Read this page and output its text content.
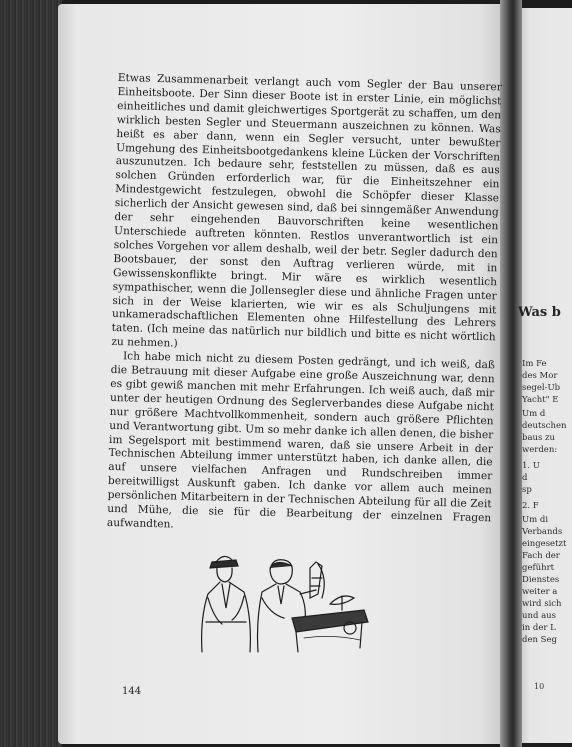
Etwas Zusammenarbeit verlangt auch vom Segler der Bau unserer Einheitsboote. Der Sinn dieser Boote ist in erster Linie, ein möglichst einheitliches und damit gleichwertiges Sportgerät zu schaffen, um den wirklich besten Segler und Steuermann auszeichnen zu können. Was heißt es aber dann, wenn ein Segler versucht, unter bewußter Umgehung des Einheitsbootgedankens kleine Lücken der Vorschriften auszunutzen. Ich bedaure sehr, feststellen zu müssen, daß es aus solchen Gründen erforderlich war, für die Einheitszehner ein Mindestgewicht festzulegen, obwohl die Schöpfer dieser Klasse sicherlich der Ansicht gewesen sind, daß bei sinngemäßer Anwendung der sehr eingehenden Bauvorschriften keine wesentlichen Unterschiede auftreten könnten. Restlos unverantwortlich ist ein solches Vorgehen vor allem deshalb, weil der betr. Segler dadurch den Bootsbauer, der sonst den Auftrag verlieren würde, mit in Gewissenskonflikte bringt. Mir wäre es wirklich wesentlich sympathischer, wenn die Jollensegler diese und ähnliche Fragen unter sich in der Weise klarierten, wie wir es als Schuljungens mit unkameradschaftlichen Elementen ohne Hilfestellung des Lehrers taten. (Ich meine das natürlich nur bildlich und bitte es nicht wörtlich zu nehmen.)

Ich habe mich nicht zu diesem Posten gedrängt, und ich weiß, daß die Betrauung mit dieser Aufgabe eine große Auszeichnung war, denn es gibt gewiß manchen mit mehr Erfahrungen. Ich weiß auch, daß mir unter der heutigen Ordnung des Seglerverbandes diese Aufgabe nicht nur größere Machtvollkommenheit, sondern auch größere Pflichten und Verantwortung gibt. Um so mehr danke ich allen denen, die bisher im Segelsport mit bestimmend waren, daß sie unsere Arbeit in der Technischen Abteilung immer unterstützt haben, ich danke allen, die auf unsere vielfachen Anfragen und Rundschreiben immer bereitwilligst Auskunft gaben. Ich danke vor allem auch meinen persönlichen Mitarbeitern in der Technischen Abteilung für all die Zeit und Mühe, die sie für die Bearbeitung der einzelnen Fragen aufwandten.

144
Was b
Im Fe
des Mor
segel-Ub
Yacht" E
Um d
deutschen
baus zu
werden:
1. U
d
sp
2. F
Um di
Verbands
eingesetzt
Fach der
geführt
Dienstes
weiter a
wird sich
und aus
in der L
den Seg
10
